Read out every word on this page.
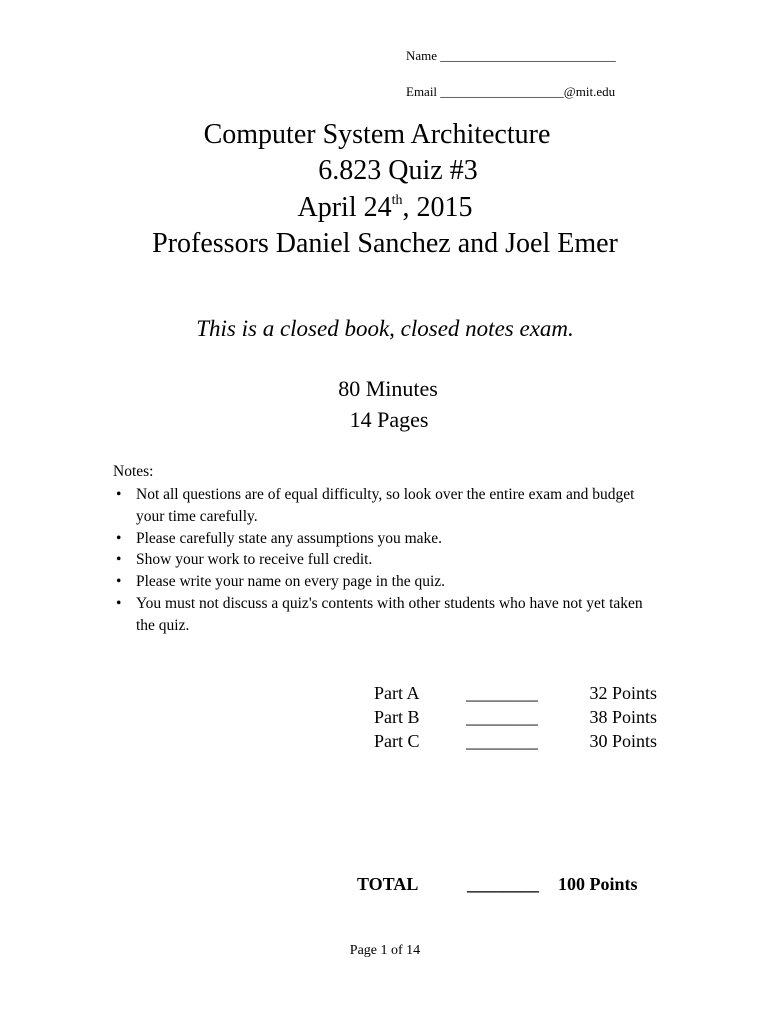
Name ___________________________
Email ___________________@mit.edu
Computer System Architecture
6.823 Quiz #3
April 24th, 2015
Professors Daniel Sanchez and Joel Emer
This is a closed book, closed notes exam.
80 Minutes
14 Pages
Notes:
• Not all questions are of equal difficulty, so look over the entire exam and budget your time carefully.
• Please carefully state any assumptions you make.
• Show your work to receive full credit.
• Please write your name on every page in the quiz.
• You must not discuss a quiz's contents with other students who have not yet taken the quiz.
Part A	________	32 Points
Part B	________	38 Points
Part C	________	30 Points
TOTAL	________ 100 Points
Page 1 of 14
